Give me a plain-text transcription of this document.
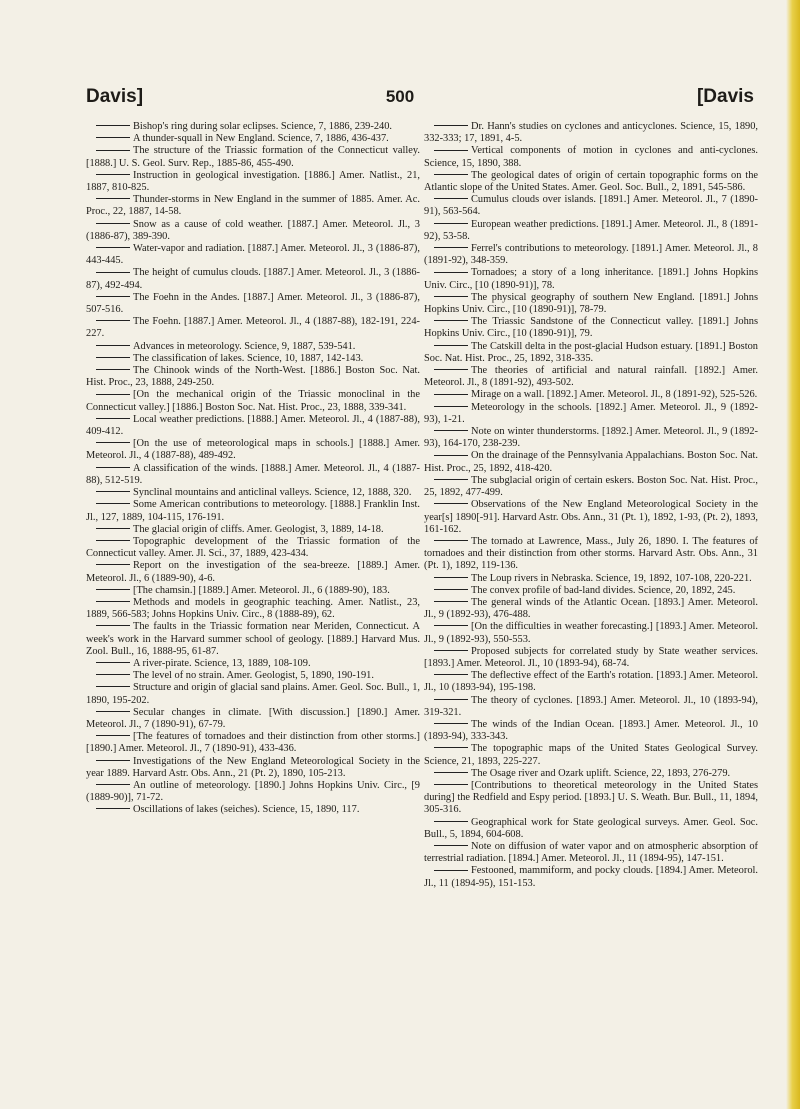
Davis]	500	[Davis

Bishop's ring during solar eclipses. Science, 7, 1886, 239-240.

A thunder-squall in New England. Science, 7, 1886, 436-437.

The structure of the Triassic formation of the Connecticut valley. [1888.] U. S. Geol. Surv. Rep., 1885-86, 455-490.

Instruction in geological investigation. [1886.] Amer. Natlist., 21, 1887, 810-825.

Thunder-storms in New England in the summer of 1885. Amer. Ac. Proc., 22, 1887, 14-58.

Snow as a cause of cold weather. [1887.] Amer. Meteorol. Jl., 3 (1886-87), 389-390.

Water-vapor and radiation. [1887.] Amer. Meteorol. Jl., 3 (1886-87), 443-445.

The height of cumulus clouds. [1887.] Amer. Meteorol. Jl., 3 (1886-87), 492-494.

The Foehn in the Andes. [1887.] Amer. Meteorol. Jl., 3 (1886-87), 507-516.

The Foehn. [1887.] Amer. Meteorol. Jl., 4 (1887-88), 182-191, 224-227.

Advances in meteorology. Science, 9, 1887, 539-541.

The classification of lakes. Science, 10, 1887, 142-143.

The Chinook winds of the North-West. [1886.] Boston Soc. Nat. Hist. Proc., 23, 1888, 249-250.

[On the mechanical origin of the Triassic monoclinal in the Connecticut valley.] [1886.] Boston Soc. Nat. Hist. Proc., 23, 1888, 339-341.

Local weather predictions. [1888.] Amer. Meteorol. Jl., 4 (1887-88), 409-412.

[On the use of meteorological maps in schools.] [1888.] Amer. Meteorol. Jl., 4 (1887-88), 489-492.

A classification of the winds. [1888.] Amer. Meteorol. Jl., 4 (1887-88), 512-519.

Synclinal mountains and anticlinal valleys. Science, 12, 1888, 320.

Some American contributions to meteorology. [1888.] Franklin Inst. Jl., 127, 1889, 104-115, 176-191.

The glacial origin of cliffs. Amer. Geologist, 3, 1889, 14-18.

Topographic development of the Triassic formation of the Connecticut valley. Amer. Jl. Sci., 37, 1889, 423-434.

Report on the investigation of the sea-breeze. [1889.] Amer. Meteorol. Jl., 6 (1889-90), 4-6.

[The chamsin.] [1889.] Amer. Meteorol. Jl., 6 (1889-90), 183.

Methods and models in geographic teaching. Amer. Natlist., 23, 1889, 566-583; Johns Hopkins Univ. Circ., 8 (1888-89), 62.

The faults in the Triassic formation near Meriden, Connecticut. A week's work in the Harvard summer school of geology. [1889.] Harvard Mus. Zool. Bull., 16, 1888-95, 61-87.

A river-pirate. Science, 13, 1889, 108-109.

The level of no strain. Amer. Geologist, 5, 1890, 190-191.

Structure and origin of glacial sand plains. Amer. Geol. Soc. Bull., 1, 1890, 195-202.

Secular changes in climate. [With discussion.] [1890.] Amer. Meteorol. Jl., 7 (1890-91), 67-79.

[The features of tornadoes and their distinction from other storms.] [1890.] Amer. Meteorol. Jl., 7 (1890-91), 433-436.

Investigations of the New England Meteorological Society in the year 1889. Harvard Astr. Obs. Ann., 21 (Pt. 2), 1890, 105-213.

An outline of meteorology. [1890.] Johns Hopkins Univ. Circ., [9 (1889-90)], 71-72.

Oscillations of lakes (seiches). Science, 15, 1890, 117.

Dr. Hann's studies on cyclones and anticyclones. Science, 15, 1890, 332-333; 17, 1891, 4-5.

Vertical components of motion in cyclones and anti-cyclones. Science, 15, 1890, 388.

The geological dates of origin of certain topographic forms on the Atlantic slope of the United States. Amer. Geol. Soc. Bull., 2, 1891, 545-586.

Cumulus clouds over islands. [1891.] Amer. Meteorol. Jl., 7 (1890-91), 563-564.

European weather predictions. [1891.] Amer. Meteorol. Jl., 8 (1891-92), 53-58.

Ferrel's contributions to meteorology. [1891.] Amer. Meteorol. Jl., 8 (1891-92), 348-359.

Tornadoes; a story of a long inheritance. [1891.] Johns Hopkins Univ. Circ., [10 (1890-91)], 78.

The physical geography of southern New England. [1891.] Johns Hopkins Univ. Circ., [10 (1890-91)], 78-79.

The Triassic Sandstone of the Connecticut valley. [1891.] Johns Hopkins Univ. Circ., [10 (1890-91)], 79.

The Catskill delta in the post-glacial Hudson estuary. [1891.] Boston Soc. Nat. Hist. Proc., 25, 1892, 318-335.

The theories of artificial and natural rainfall. [1892.] Amer. Meteorol. Jl., 8 (1891-92), 493-502.

Mirage on a wall. [1892.] Amer. Meteorol. Jl., 8 (1891-92), 525-526.

Meteorology in the schools. [1892.] Amer. Meteorol. Jl., 9 (1892-93), 1-21.

Note on winter thunderstorms. [1892.] Amer. Meteorol. Jl., 9 (1892-93), 164-170, 238-239.

On the drainage of the Pennsylvania Appalachians. Boston Soc. Nat. Hist. Proc., 25, 1892, 418-420.

The subglacial origin of certain eskers. Boston Soc. Nat. Hist. Proc., 25, 1892, 477-499.

Observations of the New England Meteorological Society in the year[s] 1890[-91]. Harvard Astr. Obs. Ann., 31 (Pt. 1), 1892, 1-93, (Pt. 2), 1893, 161-162.

The tornado at Lawrence, Mass., July 26, 1890. I. The features of tornadoes and their distinction from other storms. Harvard Astr. Obs. Ann., 31 (Pt. 1), 1892, 119-136.

The Loup rivers in Nebraska. Science, 19, 1892, 107-108, 220-221.

The convex profile of bad-land divides. Science, 20, 1892, 245.

The general winds of the Atlantic Ocean. [1893.] Amer. Meteorol. Jl., 9 (1892-93), 476-488.

[On the difficulties in weather forecasting.] [1893.] Amer. Meteorol. Jl., 9 (1892-93), 550-553.

Proposed subjects for correlated study by State weather services. [1893.] Amer. Meteorol. Jl., 10 (1893-94), 68-74.

The deflective effect of the Earth's rotation. [1893.] Amer. Meteorol. Jl., 10 (1893-94), 195-198.

The theory of cyclones. [1893.] Amer. Meteorol. Jl., 10 (1893-94), 319-321.

The winds of the Indian Ocean. [1893.] Amer. Meteorol. Jl., 10 (1893-94), 333-343.

The topographic maps of the United States Geological Survey. Science, 21, 1893, 225-227.

The Osage river and Ozark uplift. Science, 22, 1893, 276-279.

[Contributions to theoretical meteorology in the United States during] the Redfield and Espy period. [1893.] U. S. Weath. Bur. Bull., 11, 1894, 305-316.

Geographical work for State geological surveys. Amer. Geol. Soc. Bull., 5, 1894, 604-608.

Note on diffusion of water vapor and on atmospheric absorption of terrestrial radiation. [1894.] Amer. Meteorol. Jl., 11 (1894-95), 147-151.

Festooned, mammiform, and pocky clouds. [1894.] Amer. Meteorol. Jl., 11 (1894-95), 151-153.
